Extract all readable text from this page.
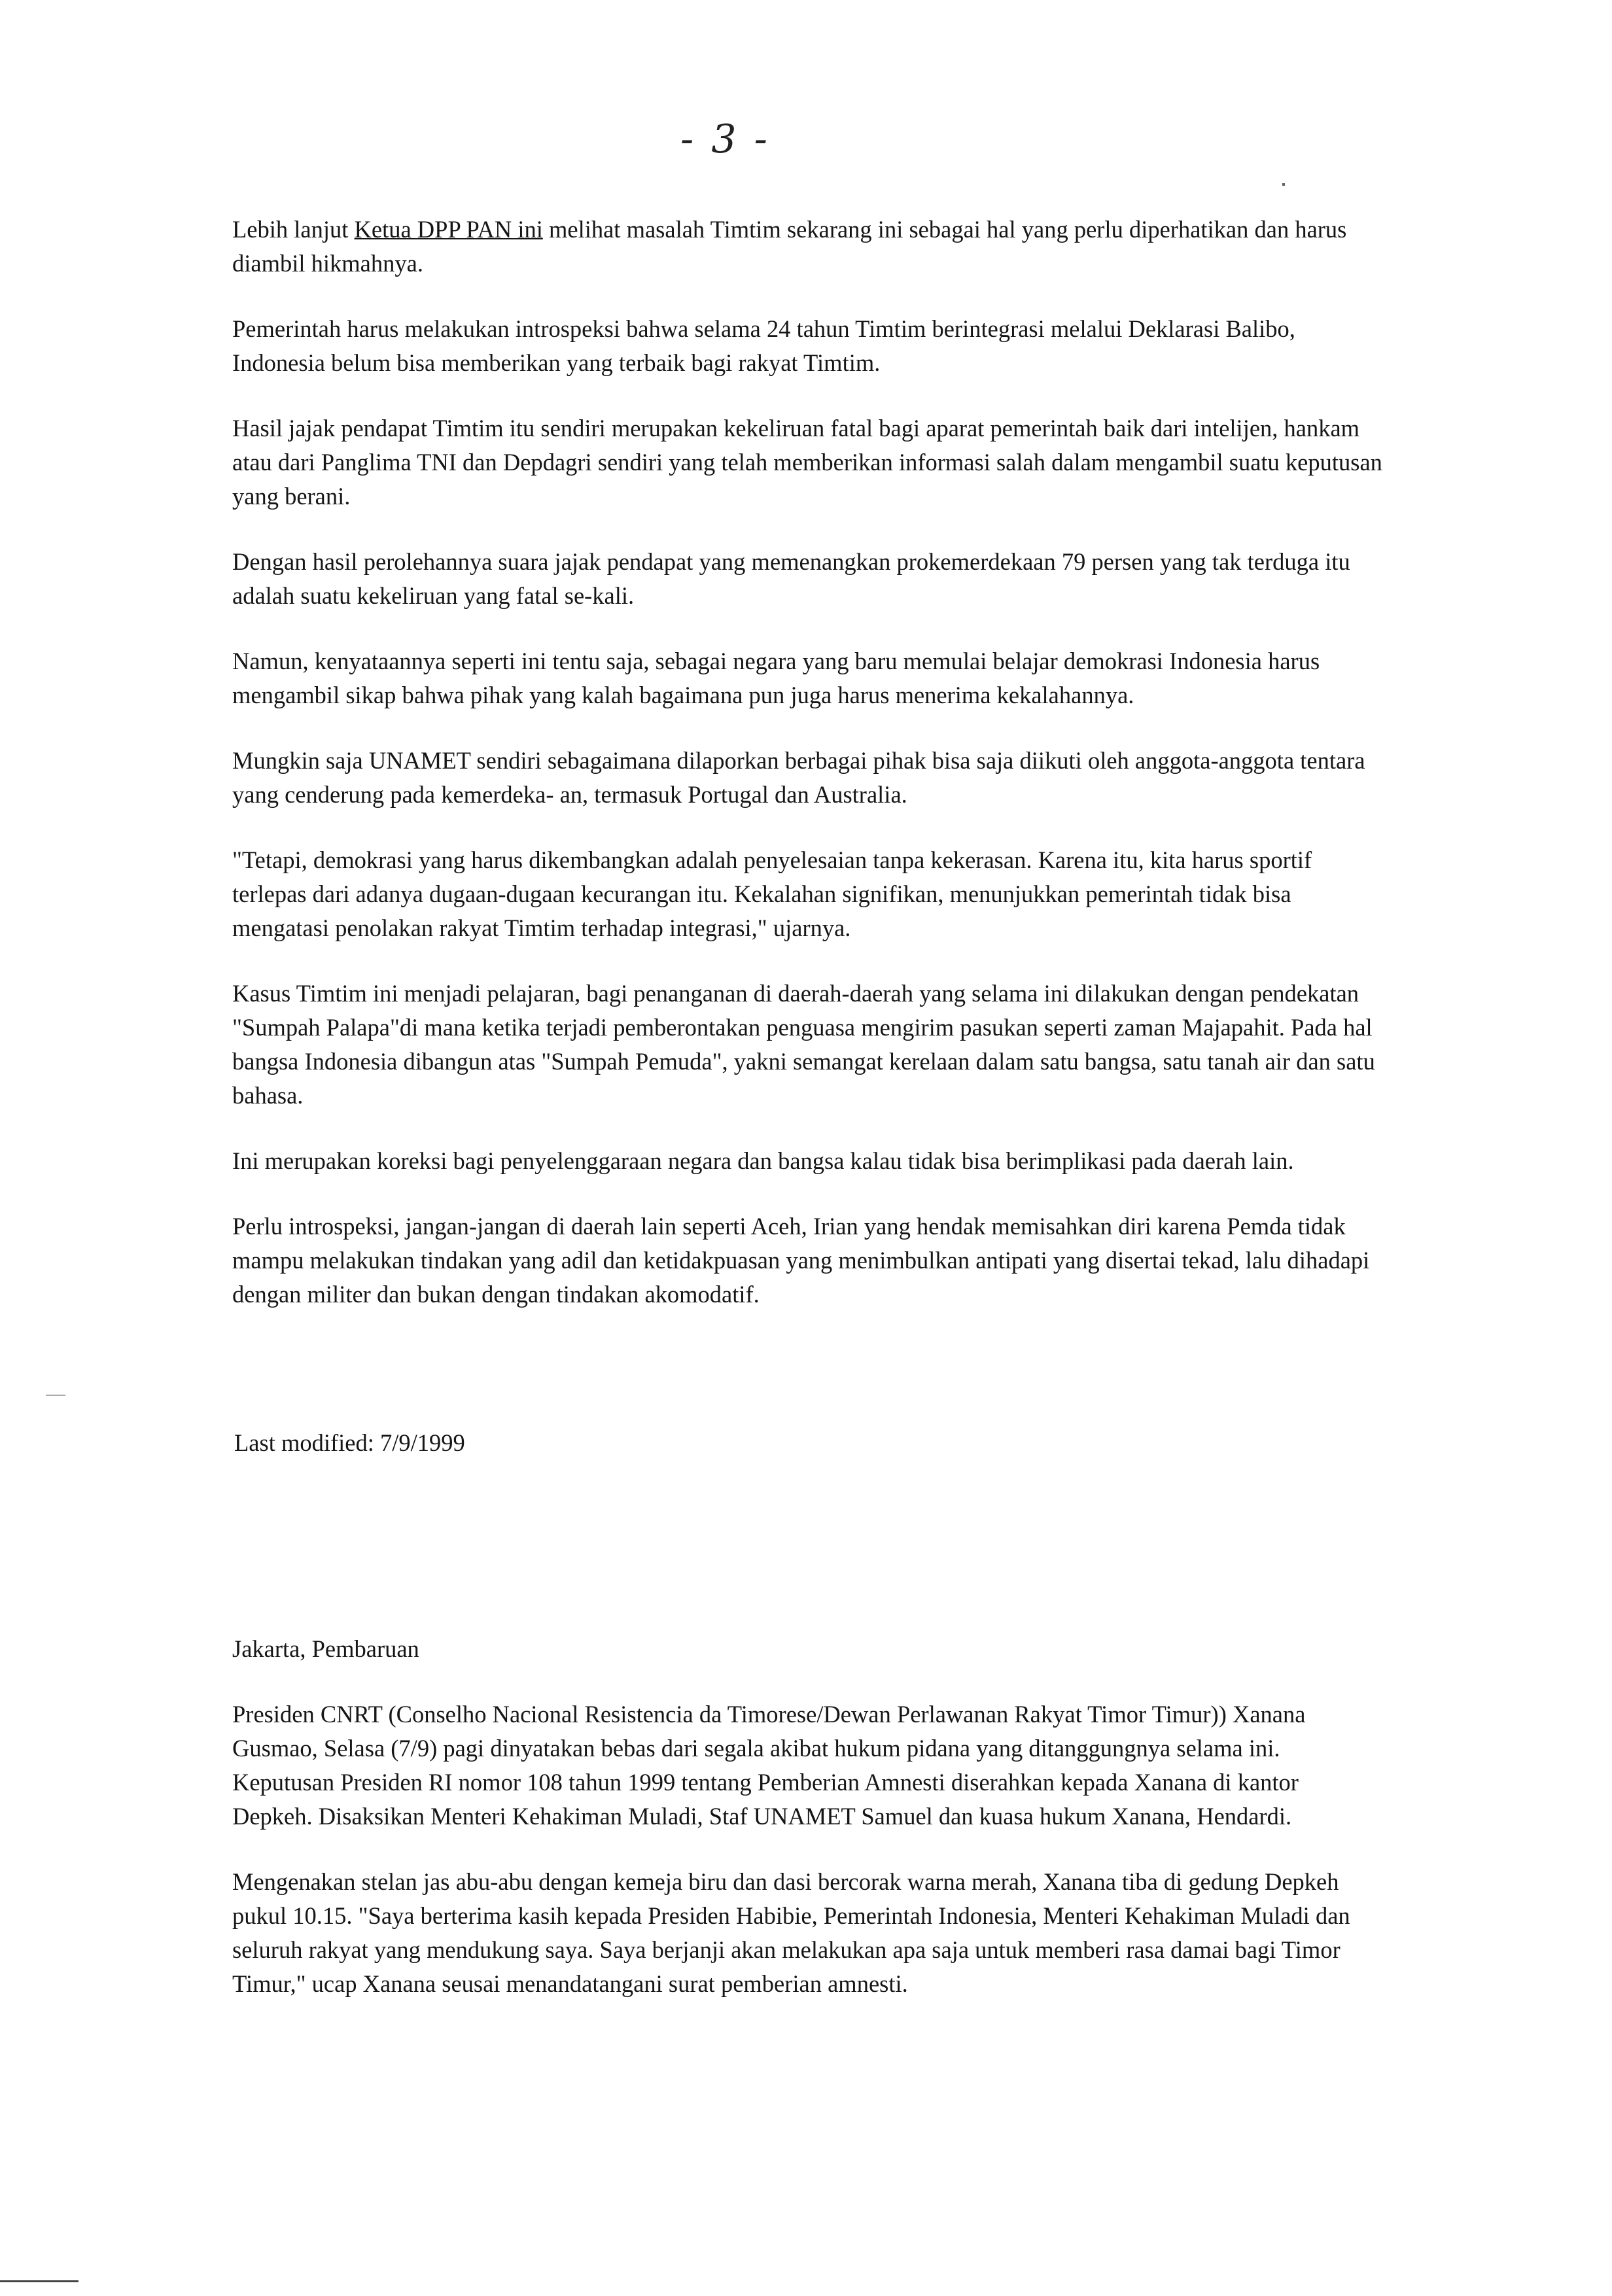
- 3 -

Lebih lanjut Ketua DPP PAN ini melihat masalah Timtim sekarang ini sebagai hal yang perlu diperhatikan dan harus diambil hikmahnya.

Pemerintah harus melakukan introspeksi bahwa selama 24 tahun Timtim berintegrasi melalui Deklarasi Balibo, Indonesia belum bisa memberikan yang terbaik bagi rakyat Timtim.

Hasil jajak pendapat Timtim itu sendiri merupakan kekeliruan fatal bagi aparat pemerintah baik dari intelijen, hankam atau dari Panglima TNI dan Depdagri sendiri yang telah memberikan informasi salah dalam mengambil suatu keputusan yang berani.

Dengan hasil perolehannya suara jajak pendapat yang memenangkan prokemerdekaan 79 persen yang tak terduga itu adalah suatu kekeliruan yang fatal se-kali.

Namun, kenyataannya seperti ini tentu saja, sebagai negara yang baru memulai belajar demokrasi Indonesia harus mengambil sikap bahwa pihak yang kalah bagaimana pun juga harus menerima kekalahannya.

Mungkin saja UNAMET sendiri sebagaimana dilaporkan berbagai pihak bisa saja diikuti oleh anggota-anggota tentara yang cenderung pada kemerdeka- an, termasuk Portugal dan Australia.

"Tetapi, demokrasi yang harus dikembangkan adalah penyelesaian tanpa kekerasan. Karena itu, kita harus sportif terlepas dari adanya dugaan-dugaan kecurangan itu. Kekalahan signifikan, menunjukkan pemerintah tidak bisa mengatasi penolakan rakyat Timtim terhadap integrasi," ujarnya.

Kasus Timtim ini menjadi pelajaran, bagi penanganan di daerah-daerah yang selama ini dilakukan dengan pendekatan "Sumpah Palapa"di mana ketika terjadi pemberontakan penguasa mengirim pasukan seperti zaman Majapahit. Pada hal bangsa Indonesia dibangun atas "Sumpah Pemuda", yakni semangat kerelaan dalam satu bangsa, satu tanah air dan satu bahasa.

Ini merupakan koreksi bagi penyelenggaraan negara dan bangsa kalau tidak bisa berimplikasi pada daerah lain.

Perlu introspeksi, jangan-jangan di daerah lain seperti Aceh, Irian yang hendak memisahkan diri karena Pemda tidak mampu melakukan tindakan yang adil dan ketidakpuasan yang menimbulkan antipati yang disertai tekad, lalu dihadapi dengan militer dan bukan dengan tindakan akomodatif.

Last modified: 7/9/1999

Jakarta, Pembaruan

Presiden CNRT (Conselho Nacional Resistencia da Timorese/Dewan Perlawanan Rakyat Timor Timur)) Xanana Gusmao, Selasa (7/9) pagi dinyatakan bebas dari segala akibat hukum pidana yang ditanggungnya selama ini. Keputusan Presiden RI nomor 108 tahun 1999 tentang Pemberian Amnesti diserahkan kepada Xanana di kantor Depkeh. Disaksikan Menteri Kehakiman Muladi, Staf UNAMET Samuel dan kuasa hukum Xanana, Hendardi.

Mengenakan stelan jas abu-abu dengan kemeja biru dan dasi bercorak warna merah, Xanana tiba di gedung Depkeh pukul 10.15. "Saya berterima kasih kepada Presiden Habibie, Pemerintah Indonesia, Menteri Kehakiman Muladi dan seluruh rakyat yang mendukung saya. Saya berjanji akan melakukan apa saja untuk memberi rasa damai bagi Timor Timur," ucap Xanana seusai menandatangani surat pemberian amnesti.
